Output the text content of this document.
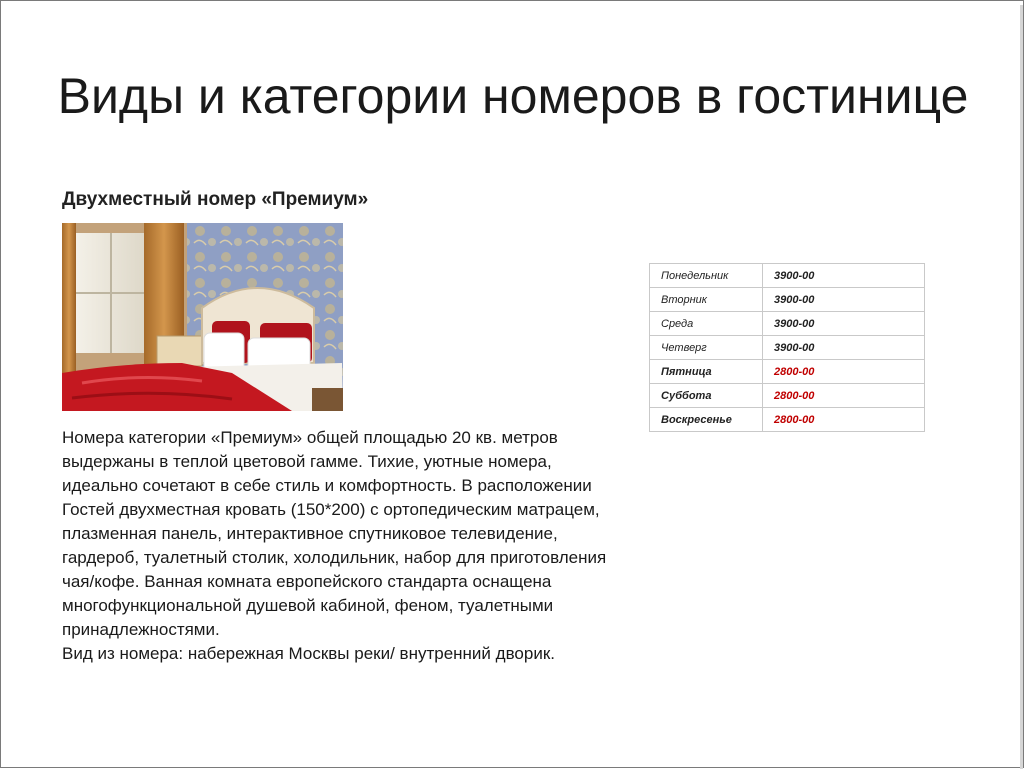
Виды и категории номеров в гостинице
Двухместный номер «Премиум»

Номера категории «Премиум» общей площадью 20 кв. метров выдержаны в теплой цветовой гамме. Тихие, уютные номера, идеально сочетают в себе стиль и комфортность. В расположении Гостей двухместная кровать (150*200) с ортопедическим матрацем, плазменная панель, интерактивное спутниковое телевидение, гардероб, туалетный столик, холодильник, набор для приготовления чая/кофе. Ванная комната европейского стандарта оснащена многофункциональной душевой кабиной, феном, туалетными принадлежностями.

Вид из номера: набережная Москвы реки/ внутренний дворик.

Понедельник	3900-00
Вторник	3900-00
Среда	3900-00
Четверг	3900-00
Пятница	2800-00
Суббота	2800-00
Воскресенье	2800-00
